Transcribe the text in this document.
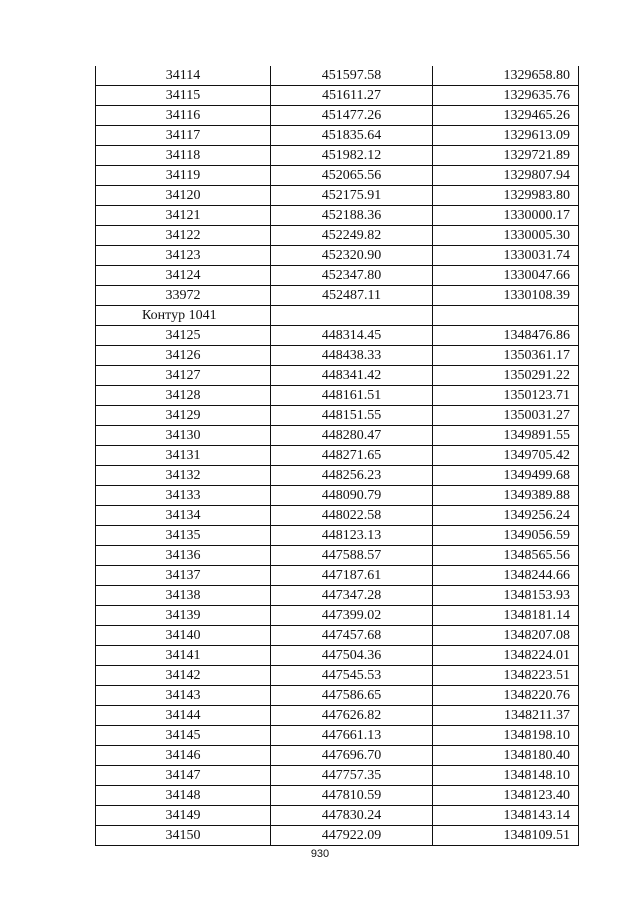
34114	451597.58	1329658.80
34115	451611.27	1329635.76
34116	451477.26	1329465.26
34117	451835.64	1329613.09
34118	451982.12	1329721.89
34119	452065.56	1329807.94
34120	452175.91	1329983.80
34121	452188.36	1330000.17
34122	452249.82	1330005.30
34123	452320.90	1330031.74
34124	452347.80	1330047.66
33972	452487.11	1330108.39
Контур 1041		
34125	448314.45	1348476.86
34126	448438.33	1350361.17
34127	448341.42	1350291.22
34128	448161.51	1350123.71
34129	448151.55	1350031.27
34130	448280.47	1349891.55
34131	448271.65	1349705.42
34132	448256.23	1349499.68
34133	448090.79	1349389.88
34134	448022.58	1349256.24
34135	448123.13	1349056.59
34136	447588.57	1348565.56
34137	447187.61	1348244.66
34138	447347.28	1348153.93
34139	447399.02	1348181.14
34140	447457.68	1348207.08
34141	447504.36	1348224.01
34142	447545.53	1348223.51
34143	447586.65	1348220.76
34144	447626.82	1348211.37
34145	447661.13	1348198.10
34146	447696.70	1348180.40
34147	447757.35	1348148.10
34148	447810.59	1348123.40
34149	447830.24	1348143.14
34150	447922.09	1348109.51
930
